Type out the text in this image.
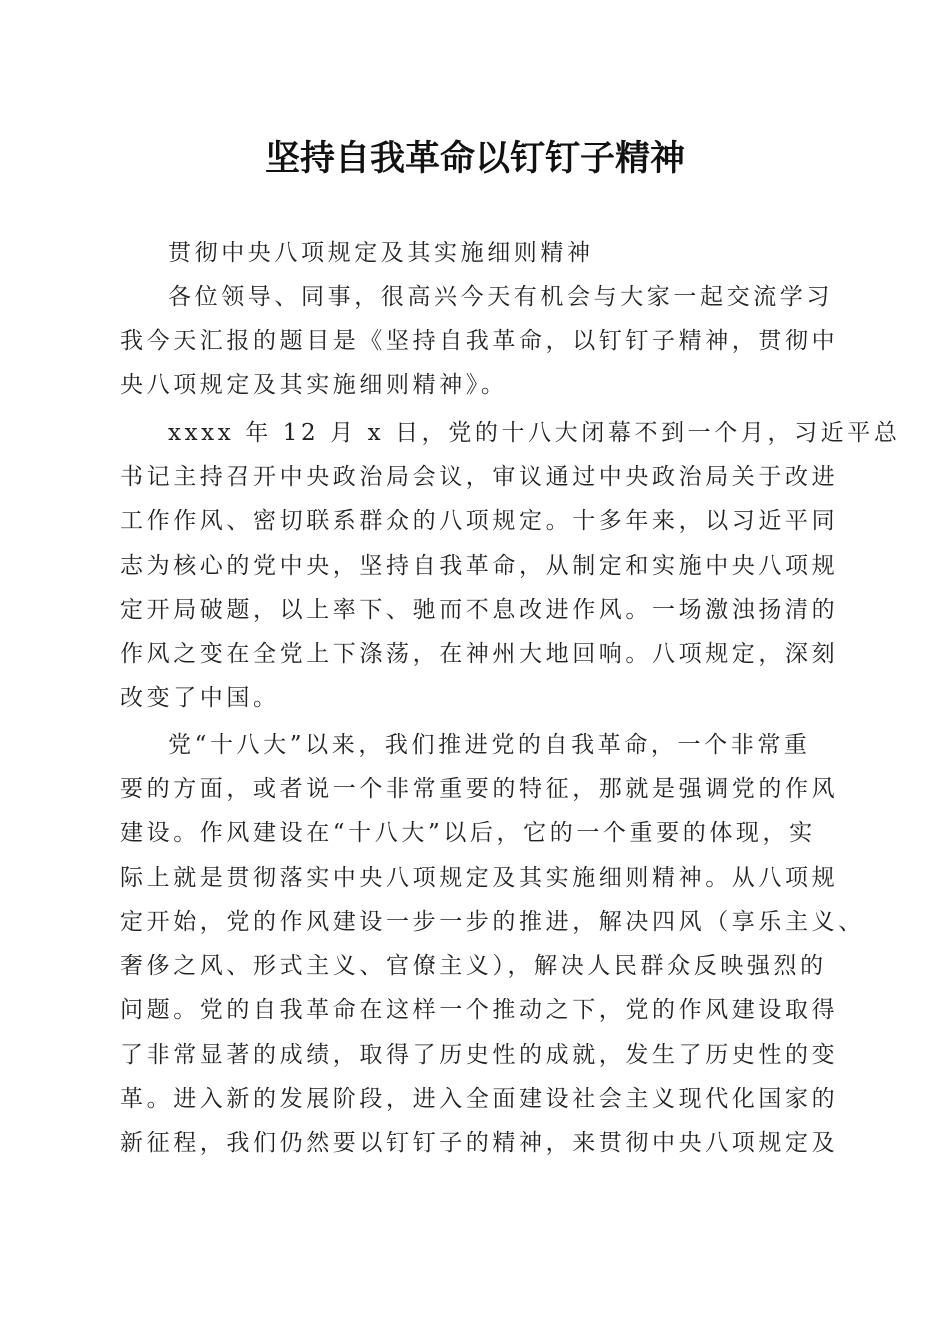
坚持自我革命以钉钉子精神
贯彻中央八项规定及其实施细则精神
各位领导、同事，很高兴今天有机会与大家一起交流学习
我今天汇报的题目是《坚持自我革命，以钉钉子精神，贯彻中
央八项规定及其实施细则精神》。
xxxx 年 12 月 x 日，党的十八大闭幕不到一个月，习近平总
书记主持召开中央政治局会议，审议通过中央政治局关于改进
工作作风、密切联系群众的八项规定。十多年来，以习近平同
志为核心的党中央，坚持自我革命，从制定和实施中央八项规
定开局破题，以上率下、驰而不息改进作风。一场激浊扬清的
作风之变在全党上下涤荡，在神州大地回响。八项规定，深刻
改变了中国。
党“十八大”以来，我们推进党的自我革命，一个非常重
要的方面，或者说一个非常重要的特征，那就是强调党的作风
建设。作风建设在“十八大”以后，它的一个重要的体现，实
际上就是贯彻落实中央八项规定及其实施细则精神。从八项规
定开始，党的作风建设一步一步的推进，解决四风（享乐主义、
奢侈之风、形式主义、官僚主义），解决人民群众反映强烈的
问题。党的自我革命在这样一个推动之下，党的作风建设取得
了非常显著的成绩，取得了历史性的成就，发生了历史性的变
革。进入新的发展阶段，进入全面建设社会主义现代化国家的
新征程，我们仍然要以钉钉子的精神，来贯彻中央八项规定及
